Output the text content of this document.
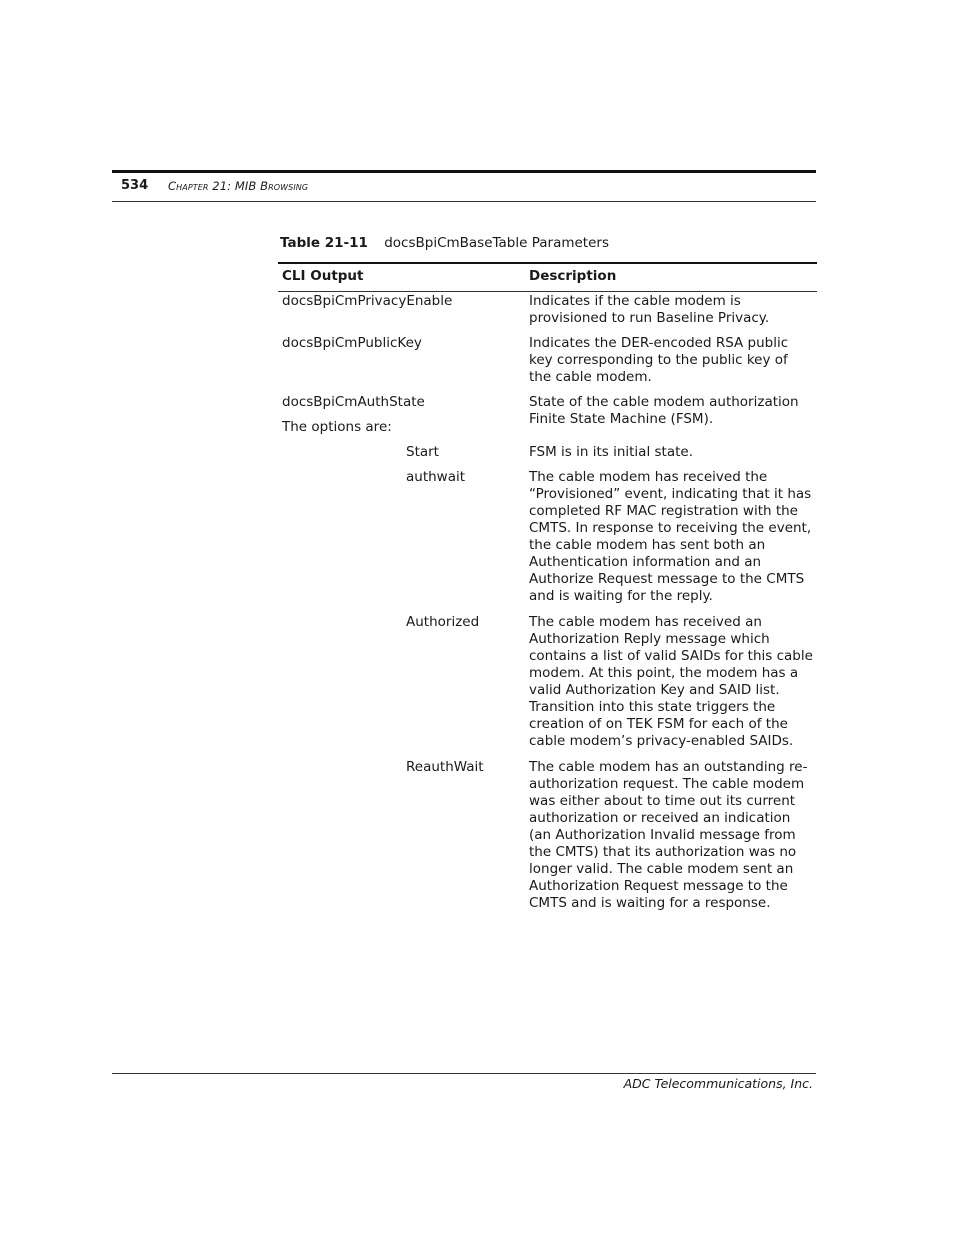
534 Chapter 21: MIB Browsing
Table 21-11 docsBpiCmBaseTable Parameters
CLI Output	Description
docsBpiCmPrivacyEnable	Indicates if the cable modem is provisioned to run Baseline Privacy.
docsBpiCmPublicKey	Indicates the DER-encoded RSA public key corresponding to the public key of the cable modem.
docsBpiCmAuthState	State of the cable modem authorization Finite State Machine (FSM).
The options are:
Start	FSM is in its initial state.
authwait	The cable modem has received the “Provisioned” event, indicating that it has completed RF MAC registration with the CMTS. In response to receiving the event, the cable modem has sent both an Authentication information and an Authorize Request message to the CMTS and is waiting for the reply.
Authorized	The cable modem has received an Authorization Reply message which contains a list of valid SAIDs for this cable modem. At this point, the modem has a valid Authorization Key and SAID list. Transition into this state triggers the creation of on TEK FSM for each of the cable modem’s privacy-enabled SAIDs.
ReauthWait	The cable modem has an outstanding re-authorization request. The cable modem was either about to time out its current authorization or received an indication (an Authorization Invalid message from the CMTS) that its authorization was no longer valid. The cable modem sent an Authorization Request message to the CMTS and is waiting for a response.
ADC Telecommunications, Inc.
